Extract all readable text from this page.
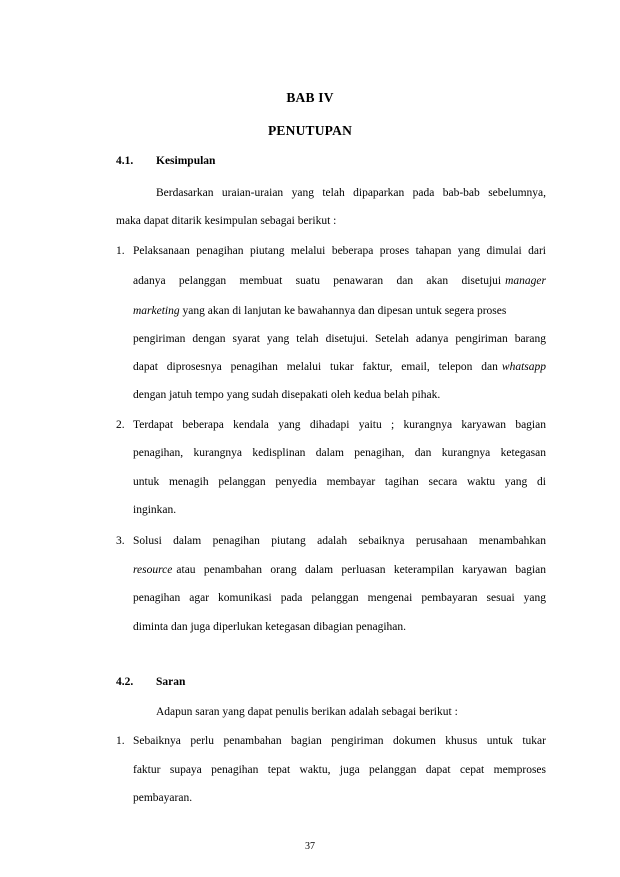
BAB IV
PENUTUPAN
4.1. Kesimpulan
Berdasarkan uraian-uraian yang telah dipaparkan pada bab-bab sebelumnya,
maka dapat ditarik kesimpulan sebagai berikut :
1. Pelaksanaan penagihan piutang melalui beberapa proses tahapan yang dimulai dari
adanya pelanggan membuat suatu penawaran dan akan disetujui manager
marketing yang akan di lanjutan ke bawahannya dan dipesan untuk segera proses
pengiriman dengan syarat yang telah disetujui. Setelah adanya pengiriman barang
dapat diprosesnya penagihan melalui tukar faktur, email, telepon dan whatsapp
dengan jatuh tempo yang sudah disepakati oleh kedua belah pihak.
2. Terdapat beberapa kendala yang dihadapi yaitu ; kurangnya karyawan bagian
penagihan, kurangnya kedisplinan dalam penagihan, dan kurangnya ketegasan
untuk menagih pelanggan penyedia membayar tagihan secara waktu yang di
inginkan.
3. Solusi dalam penagihan piutang adalah sebaiknya perusahaan menambahkan
resource atau penambahan orang dalam perluasan keterampilan karyawan bagian
penagihan agar komunikasi pada pelanggan mengenai pembayaran sesuai yang
diminta dan juga diperlukan ketegasan dibagian penagihan.
4.2. Saran
Adapun saran yang dapat penulis berikan adalah sebagai berikut :
1. Sebaiknya perlu penambahan bagian pengiriman dokumen khusus untuk tukar
faktur supaya penagihan tepat waktu, juga pelanggan dapat cepat memproses
pembayaran.
37
